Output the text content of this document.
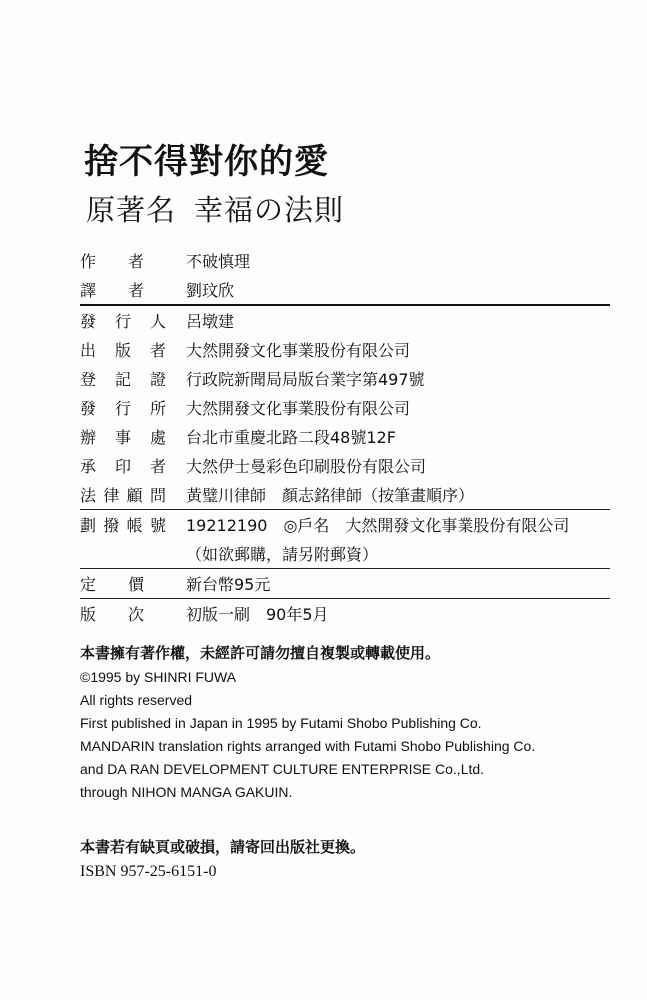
捨不得對你的愛
原著名 幸福の法則
作 者	不破慎理
譯 者	劉玟欣
發 行 人	呂墩建
出 版 者	大然開發文化事業股份有限公司
登 記 證	行政院新聞局局版台業字第497號
發 行 所	大然開發文化事業股份有限公司
辦 事 處	台北市重慶北路二段48號12F
承 印 者	大然伊士曼彩色印刷股份有限公司
法 律 顧 問	黃璧川律師　顏志銘律師（按筆畫順序）
劃 撥 帳 號	19212190　◎戶名　大然開發文化事業股份有限公司
（如欲郵購，請另附郵資）
定 價	新台幣95元
版 次	初版一刷　90年5月
本書擁有著作權，未經許可請勿擅自複製或轉載使用。
©1995 by SHINRI FUWA
All rights reserved
First published in Japan in 1995 by Futami Shobo Publishing Co.
MANDARIN translation rights arranged with Futami Shobo Publishing Co.
and DA RAN DEVELOPMENT CULTURE ENTERPRISE Co.,Ltd.
through NIHON MANGA GAKUIN.
本書若有缺頁或破損，請寄回出版社更換。
ISBN 957-25-6151-0
